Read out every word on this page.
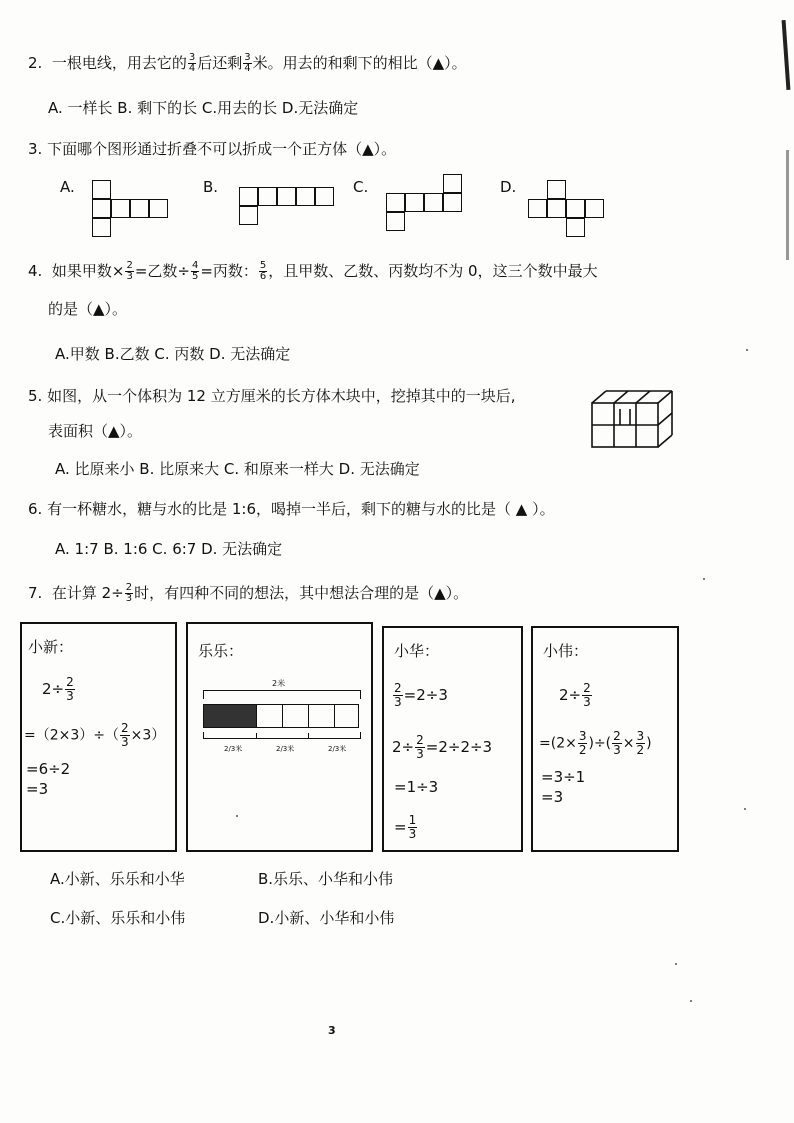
2. 一根电线，用去它的 $\frac{3}{4}$ 后还剩 $\frac{3}{4}$ 米。用去的和剩下的相比（▲）。
A. 一样长 B. 剩下的长 C.用去的长 D.无法确定
3. 下面哪个图形通过折叠不可以折成一个正方体（▲）。
A.	B.	C.	D.
4. 如果甲数× $\frac{2}{3}$ =乙数÷ $\frac{4}{5}$ =丙数： $\frac{5}{6}$ ，且甲数、乙数、丙数均不为 0，这三个数中最大
的是（▲）。
A.甲数 B.乙数 C. 丙数 D. 无法确定
5. 如图，从一个体积为 12 立方厘米的长方体木块中，挖掉其中的一块后,
表面积（▲）。
A. 比原来小 B. 比原来大 C. 和原来一样大 D. 无法确定
6. 有一杯糖水，糖与水的比是 1:6，喝掉一半后，剩下的糖与水的比是（ ▲ ）。
A. 1:7 B. 1:6 C. 6:7 D. 无法确定
7. 在计算 $2\div \frac{2}{3}$ 时，有四种不同的想法，其中想法合理的是（▲）。
小新：
$2\div \frac{2}{3}$
$=(2\times 3)\div( \frac{2}{3} \times 3)$
=6÷2
=3
乐乐：
2米
2/3米	2/3米	2/3米
小华：
$\frac{2}{3} =2\div 3$
$2\div \frac{2}{3} =2\div 2\div 3$
=1÷3
= $\frac{1}{3}$
小伟：
$2\div \frac{2}{3}$
$=(2\times \frac{3}{2}$ )÷( $\frac{2}{3} \times \frac{3}{2}$ )
=3÷1
=3
A.小新、乐乐和小华	B.乐乐、小华和小伟
C.小新、乐乐和小伟	D.小新、小华和小伟
3
